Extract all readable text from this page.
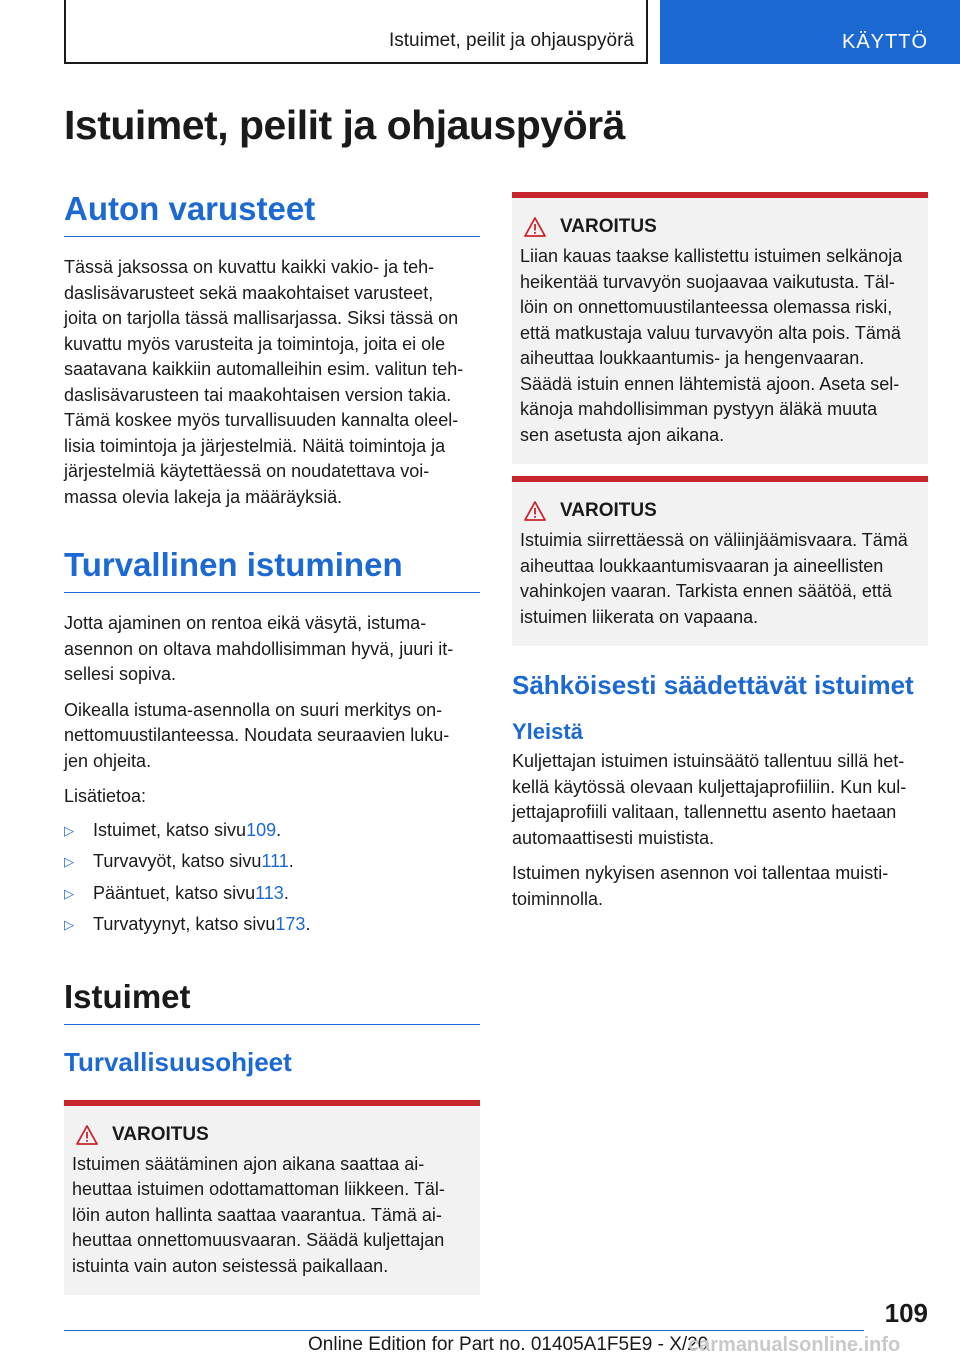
Istuimet, peilit ja ohjauspyörä	KÄYTTÖ
Istuimet, peilit ja ohjauspyörä
Auton varusteet

Tässä jaksossa on kuvattu kaikki vakio- ja teh-
daslisävarusteet sekä maakohtaiset varusteet,
joita on tarjolla tässä mallisarjassa. Siksi tässä on
kuvattu myös varusteita ja toimintoja, joita ei ole
saatavana kaikkiin automalleihin esim. valitun teh-
daslisävarusteen tai maakohtaisen version takia.
Tämä koskee myös turvallisuuden kannalta oleel-
lisia toimintoja ja järjestelmiä. Näitä toimintoja ja
järjestelmiä käytettäessä on noudatettava voi-
massa olevia lakeja ja määräyksiä.

Turvallinen istuminen

Jotta ajaminen on rentoa eikä väsytä, istuma-
asennon on oltava mahdollisimman hyvä, juuri it-
sellesi sopiva.

Oikealla istuma-asennolla on suuri merkitys on-
nettomuustilanteessa. Noudata seuraavien luku-
jen ohjeita.

Lisätietoa:

▷	Istuimet, katso sivu 109 .
▷	Turvavyöt, katso sivu 111 .
▷	Pääntuet, katso sivu 113 .
▷	Turvatyynyt, katso sivu 173 .
Istuimet
Turvallisuusohjeet
VAROITUS

Istuimen säätäminen ajon aikana saattaa ai-
heuttaa istuimen odottamattoman liikkeen. Täl-
löin auton hallinta saattaa vaarantua. Tämä ai-
heuttaa onnettomuusvaaran. Säädä kuljettajan
istuinta vain auton seistessä paikallaan.

VAROITUS

Liian kauas taakse kallistettu istuimen selkänoja
heikentää turvavyön suojaavaa vaikutusta. Täl-
löin on onnettomuustilanteessa olemassa riski,
että matkustaja valuu turvavyön alta pois. Tämä
aiheuttaa loukkaantumis- ja hengenvaaran.
Säädä istuin ennen lähtemistä ajoon. Aseta sel-
känoja mahdollisimman pystyyn äläkä muuta
sen asetusta ajon aikana.

VAROITUS

Istuimia siirrettäessä on väliinjäämisvaara. Tämä
aiheuttaa loukkaantumisvaaran ja aineellisten
vahinkojen vaaran. Tarkista ennen säätöä, että
istuimen liikerata on vapaana.

Sähköisesti säädettävät istuimet
Yleistä

Kuljettajan istuimen istuinsäätö tallentuu sillä het-
kellä käytössä olevaan kuljettajaprofiiliin. Kun kul-
jettajaprofiili valitaan, tallennettu asento haetaan
automaattisesti muistista.

Istuimen nykyisen asennon voi tallentaa muisti-
toiminnolla.

109
Online Edition for Part no. 01405A1F5E9 - X/20
carmanualsonline.info
